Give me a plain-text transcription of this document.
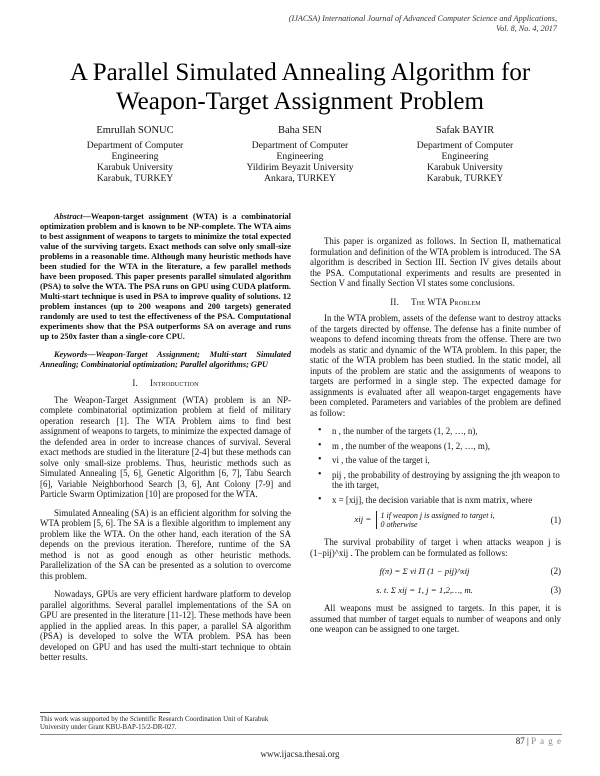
(IJACSA) International Journal of Advanced Computer Science and Applications,
Vol. 8, No. 4, 2017
A Parallel Simulated Annealing Algorithm for
Weapon-Target Assignment Problem
Emrullah SONUC
Department of Computer
Engineering
Karabuk University
Karabuk, TURKEY
Baha SEN
Department of Computer
Engineering
Yildirim Beyazit University
Ankara, TURKEY
Safak BAYIR
Department of Computer
Engineering
Karabuk University
Karabuk, TURKEY

Abstract—Weapon-target assignment (WTA) is a combinatorial optimization problem and is known to be NP-complete. The WTA aims to best assignment of weapons to targets to minimize the total expected value of the surviving targets. Exact methods can solve only small-size problems in a reasonable time. Although many heuristic methods have been studied for the WTA in the literature, a few parallel methods have been proposed. This paper presents parallel simulated algorithm (PSA) to solve the WTA. The PSA runs on GPU using CUDA platform. Multi-start technique is used in PSA to improve quality of solutions. 12 problem instances (up to 200 weapons and 200 targets) generated randomly are used to test the effectiveness of the PSA. Computational experiments show that the PSA outperforms SA on average and runs up to 250x faster than a single-core CPU.

Keywords—Weapon-Target Assignment; Multi-start Simulated Annealing; Combinatorial optimization; Parallel algorithms; GPU

I. Introduction

The Weapon-Target Assignment (WTA) problem is an NP-complete combinatorial optimization problem at field of military operation research [1]. The WTA Problem aims to find best assignment of weapons to targets, to minimize the expected damage of the defended area in order to increase chances of survival. Several exact methods are studied in the literature [2-4] but these methods can solve only small-size problems. Thus, heuristic methods such as Simulated Annealing [5, 6], Genetic Algorithm [6, 7], Tabu Search [6], Variable Neighborhood Search [3, 6], Ant Colony [7-9] and Particle Swarm Optimization [10] are proposed for the WTA.

Simulated Annealing (SA) is an efficient algorithm for solving the WTA problem [5, 6]. The SA is a flexible algorithm to implement any problem like the WTA. On the other hand, each iteration of the SA depends on the previous iteration. Therefore, runtime of the SA method is not as good enough as other heuristic methods. Parallelization of the SA can be presented as a solution to overcome this problem.

Nowadays, GPUs are very efficient hardware platform to develop parallel algorithms. Several parallel implementations of the SA on GPU are presented in the literature [11-12]. These methods have been applied in the applied areas. In this paper, a parallel SA algorithm (PSA) is developed to solve the WTA problem. PSA has been developed on GPU and has used the multi-start technique to obtain better results.

This paper is organized as follows. In Section II, mathematical formulation and definition of the WTA problem is introduced. The SA algorithm is described in Section III. Section IV gives details about the PSA. Computational experiments and results are presented in Section V and finally Section VI states some conclusions.

II. The WTA Problem

In the WTA problem, assets of the defense want to destroy attacks of the targets directed by offense. The defense has a finite number of weapons to defend incoming threats from the offense. There are two models as static and dynamic of the WTA problem. In this paper, the static of the WTA problem has been studied. In the static model, all inputs of the problem are static and the assignments of weapons to targets are performed in a single step. The expected damage for assignments is evaluated after all weapon-target engagements have been completed. Parameters and variables of the problem are defined as follow:

• n , the number of the targets (1, 2, …, n),
• m , the number of the weapons (1, 2, …, m),
• vi , the value of the target i,
• pij , the probability of destroying by assigning the jth weapon to the ith target,
• x = [xij], the decision variable that is nxm matrix, where
xij = 1 if weapon j is assigned to target i,
0 otherwise	(1)

The survival probability of target i when attacks weapon j is (1−pij)^xij . The problem can be formulated as follows:

f(π) = Σ vi Π (1 − pij)^xij	(2)
s. t. Σ xij = 1, j = 1,2,…, m.	(3)

All weapons must be assigned to targets. In this paper, it is assumed that number of target equals to number of weapons and only one weapon can be assigned to one target.

This work was supported by the Scientific Research Coordination Unit of Karabuk University under Grant KBU-BAP-15/2-DR-027.
87 | P a g e
www.ijacsa.thesai.org
